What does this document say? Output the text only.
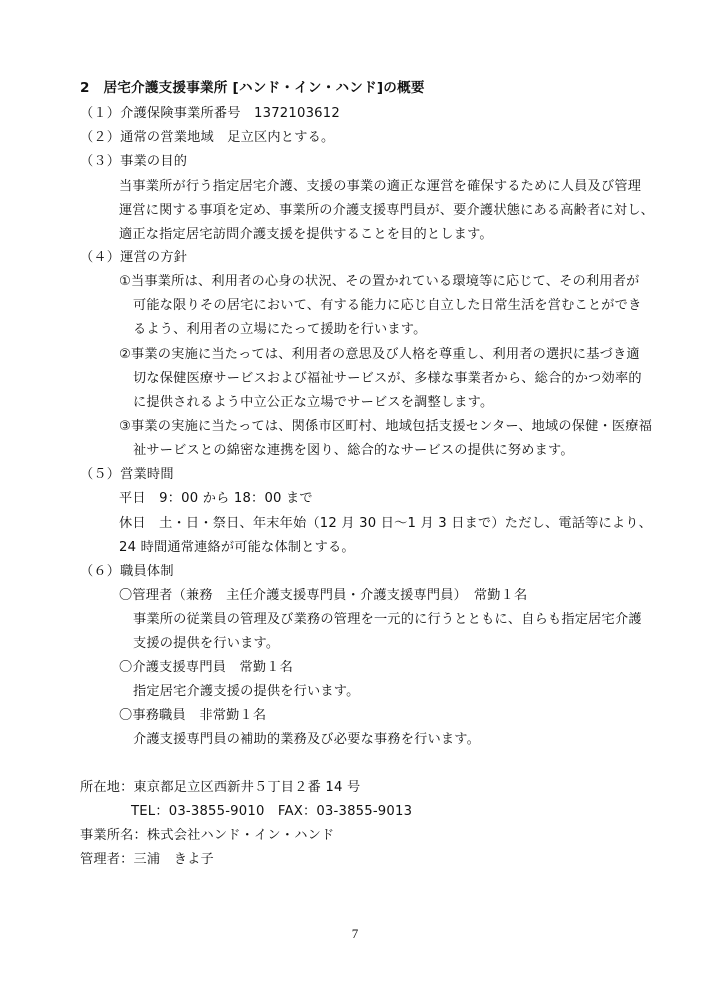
2　居宅介護支援事業所 [ハンド・イン・ハンド]の概要
（１）介護保険事業所番号　1372103612
（２）通常の営業地域　足立区内とする。
（３）事業の目的
当事業所が行う指定居宅介護、支援の事業の適正な運営を確保するために人員及び管理
運営に関する事項を定め、事業所の介護支援専門員が、要介護状態にある高齢者に対し、
適正な指定居宅訪問介護支援を提供することを目的とします。
（４）運営の方針
①当事業所は、利用者の心身の状況、その置かれている環境等に応じて、その利用者が
可能な限りその居宅において、有する能力に応じ自立した日常生活を営むことができ
るよう、利用者の立場にたって援助を行います。
②事業の実施に当たっては、利用者の意思及び人格を尊重し、利用者の選択に基づき適
切な保健医療サービスおよび福祉サービスが、多様な事業者から、総合的かつ効率的
に提供されるよう中立公正な立場でサービスを調整します。
③事業の実施に当たっては、関係市区町村、地域包括支援センター、地域の保健・医療福
祉サービスとの綿密な連携を図り、総合的なサービスの提供に努めます。
（５）営業時間
平日　9：00 から 18：00 まで
休日　土・日・祭日、年末年始（12 月 30 日～1 月 3 日まで）ただし、電話等により、
24 時間通常連絡が可能な体制とする。
（６）職員体制
〇管理者（兼務　主任介護支援専門員・介護支援専門員）　常勤１名
事業所の従業員の管理及び業務の管理を一元的に行うとともに、自らも指定居宅介護
支援の提供を行います。
〇介護支援専門員　常勤１名
指定居宅介護支援の提供を行います。
〇事務職員　非常勤１名
介護支援専門員の補助的業務及び必要な事務を行います。
所在地：東京都足立区西新井５丁目２番 14 号
TEL：03-3855-9010　FAX：03-3855-9013
事業所名：株式会社ハンド・イン・ハンド
管理者：三浦　きよ子
7
